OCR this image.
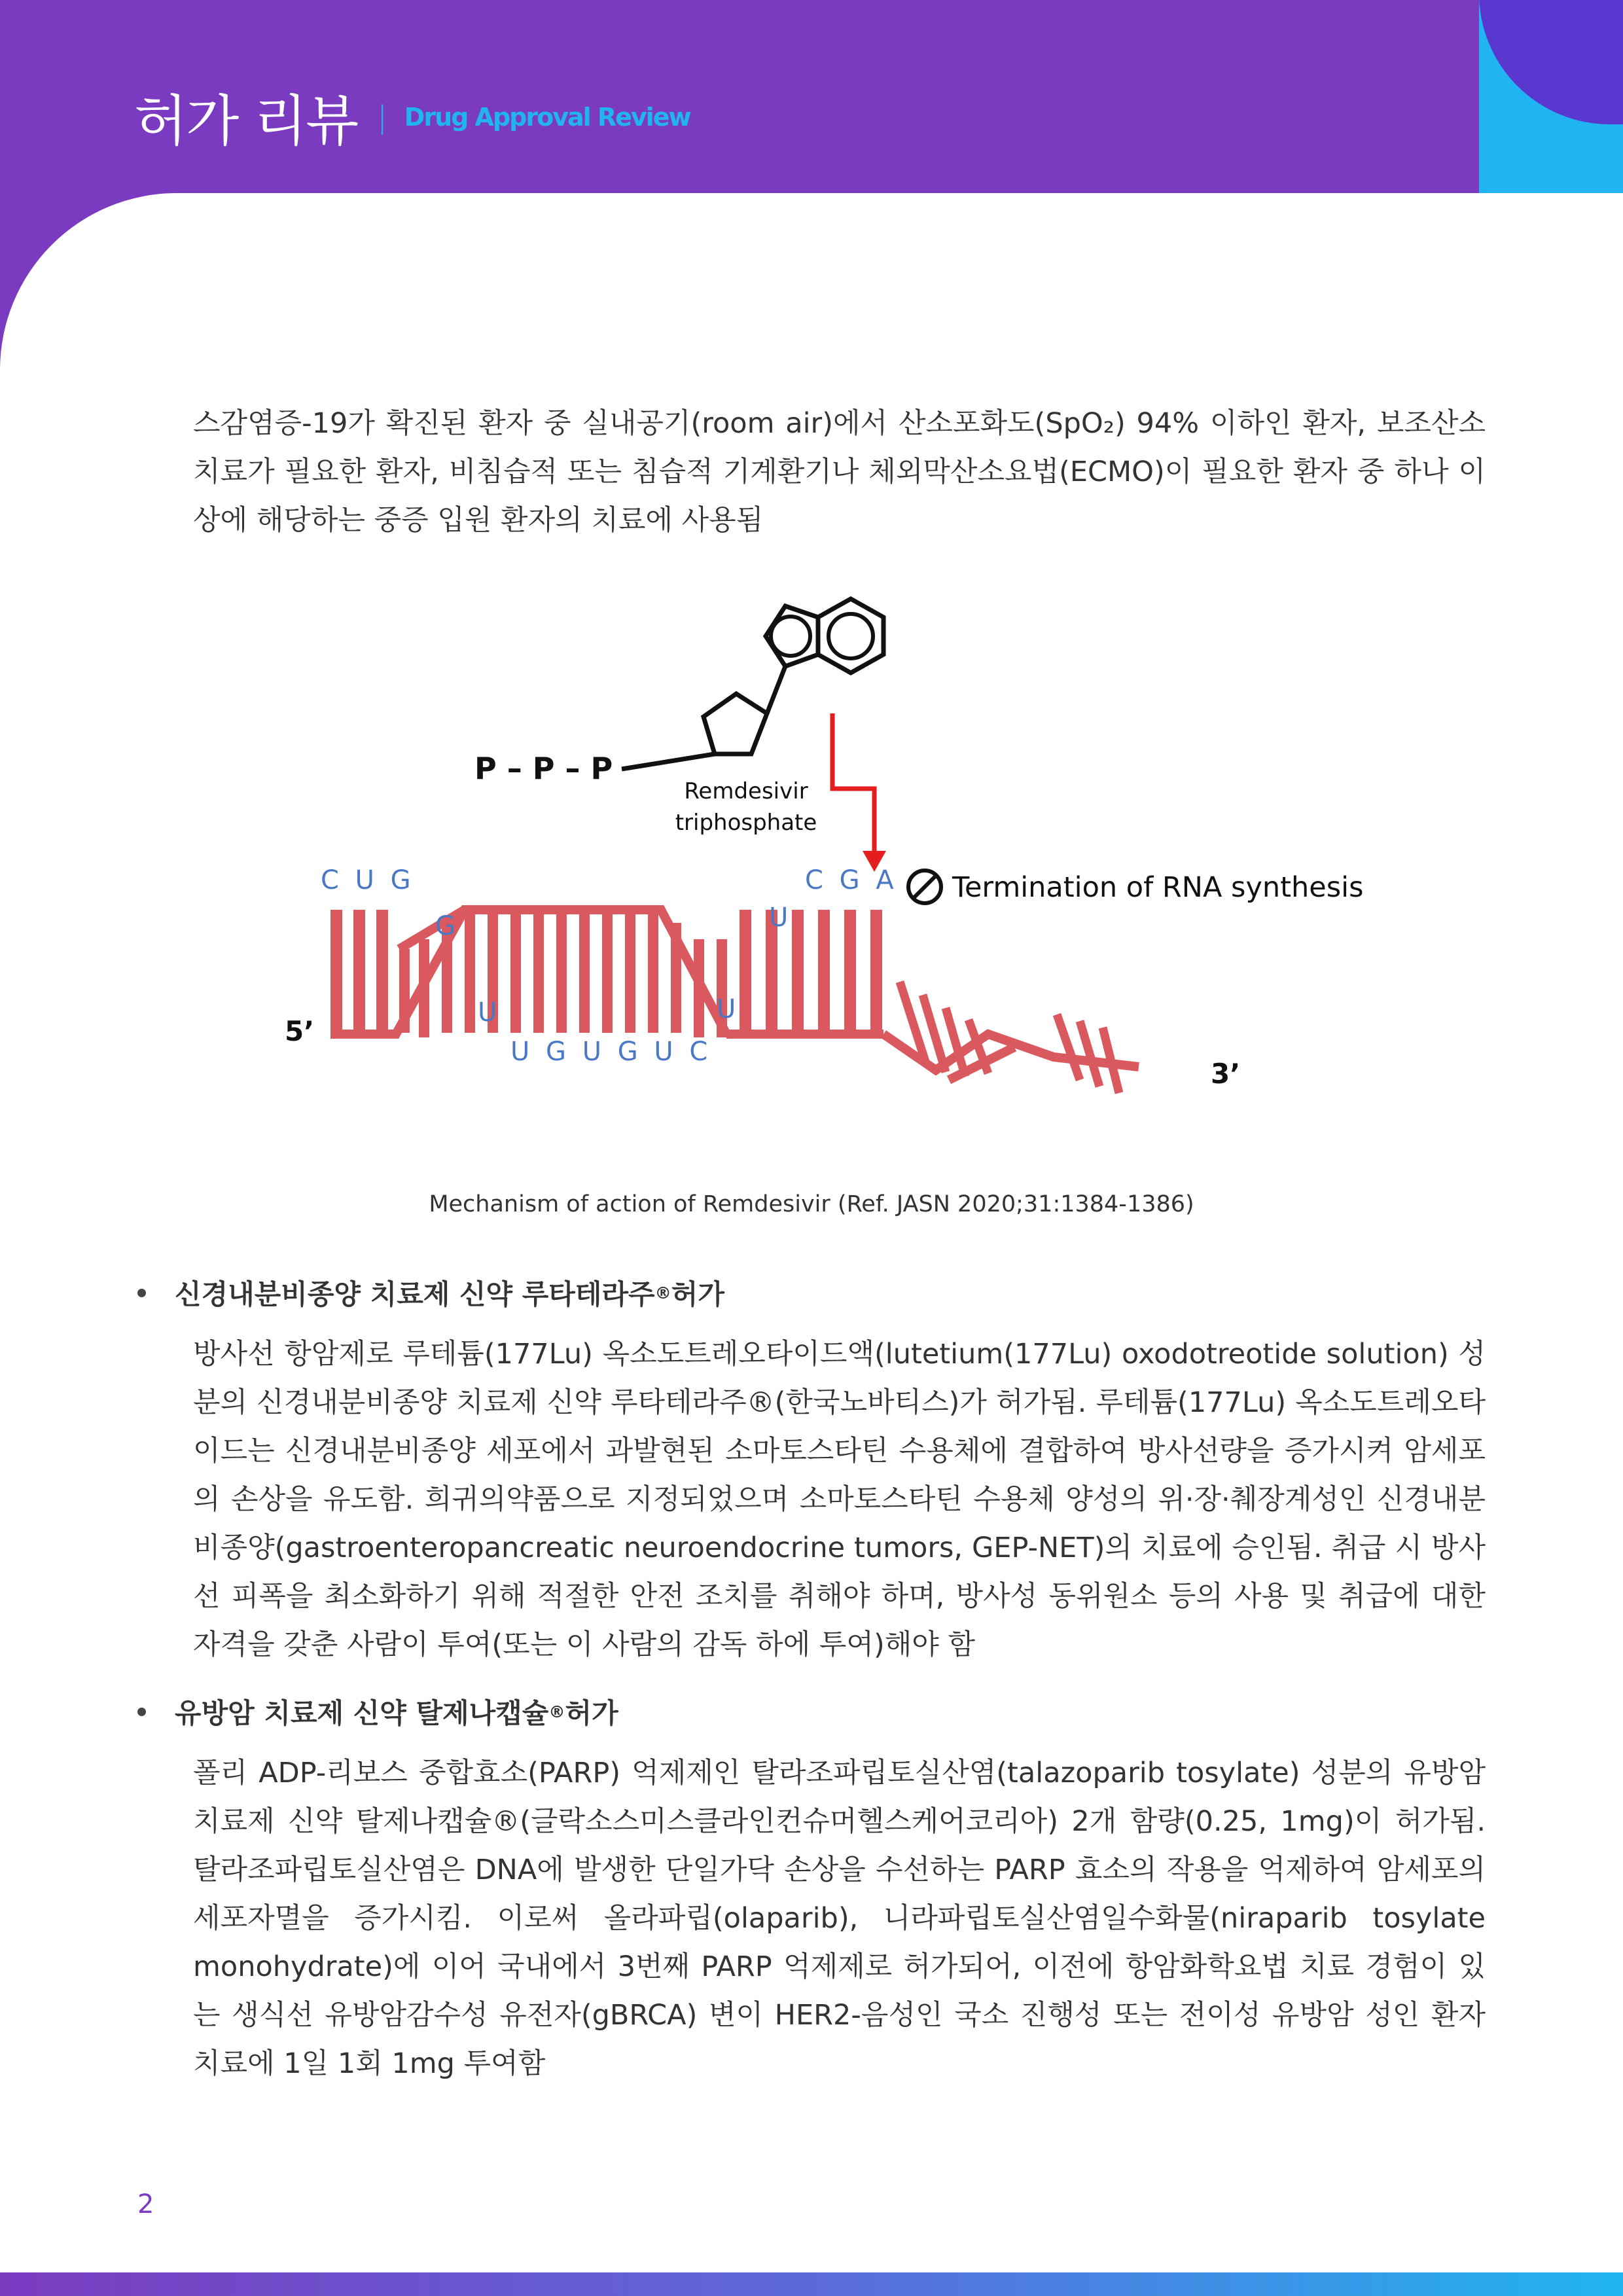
허가 리뷰 | Drug Approval Review

스감염증-19가 확진된 환자 중 실내공기(room air)에서 산소포화도(SpO₂) 94% 이하인 환자, 보조산소 치료가 필요한 환자, 비침습적 또는 침습적 기계환기나 체외막산소요법(ECMO)이 필요한 환자 중 하나 이상에 해당하는 중증 입원 환자의 치료에 사용됨

P – P – P
Remdesivir
triphosphate
Termination of RNA synthesis
5’
3’
C U G
G	U
C G A
U	U
U G U G U C
Mechanism of action of Remdesivir (Ref. JASN 2020;31:1384-1386)
신경내분비종양 치료제 신약 루타테라주 ® 허가

방사선 항암제로 루테튬(177Lu) 옥소도트레오타이드액(lutetium(177Lu) oxodotreotide solution) 성분의 신경내분비종양 치료제 신약 루타테라주®(한국노바티스)가 허가됨. 루테튬(177Lu) 옥소도트레오타이드는 신경내분비종양 세포에서 과발현된 소마토스타틴 수용체에 결합하여 방사선량을 증가시켜 암세포의 손상을 유도함. 희귀의약품으로 지정되었으며 소마토스타틴 수용체 양성의 위·장·췌장계성인 신경내분비종양(gastroenteropancreatic neuroendocrine tumors, GEP-NET)의 치료에 승인됨. 취급 시 방사선 피폭을 최소화하기 위해 적절한 안전 조치를 취해야 하며, 방사성 동위원소 등의 사용 및 취급에 대한 자격을 갖춘 사람이 투여(또는 이 사람의 감독 하에 투여)해야 함

유방암 치료제 신약 탈제나캡슐 ® 허가

폴리 ADP-리보스 중합효소(PARP) 억제제인 탈라조파립토실산염(talazoparib tosylate) 성분의 유방암 치료제 신약 탈제나캡슐®(글락소스미스클라인컨슈머헬스케어코리아) 2개 함량(0.25, 1mg)이 허가됨. 탈라조파립토실산염은 DNA에 발생한 단일가닥 손상을 수선하는 PARP 효소의 작용을 억제하여 암세포의 세포자멸을 증가시킴. 이로써 올라파립(olaparib), 니라파립토실산염일수화물(niraparib tosylate monohydrate)에 이어 국내에서 3번째 PARP 억제제로 허가되어, 이전에 항암화학요법 치료 경험이 있는 생식선 유방암감수성 유전자(gBRCA) 변이 HER2-음성인 국소 진행성 또는 전이성 유방암 성인 환자 치료에 1일 1회 1mg 투여함

2
